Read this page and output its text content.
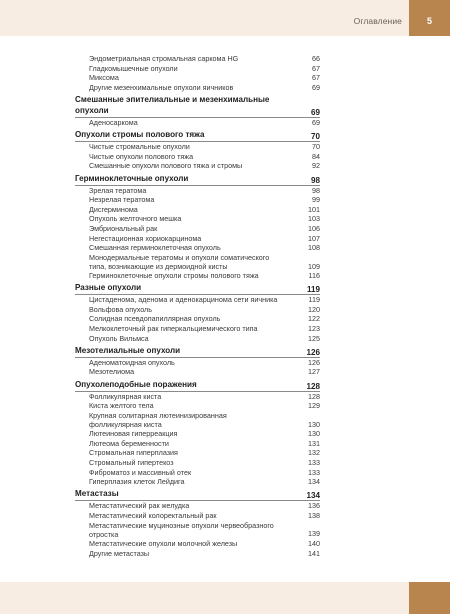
Оглавление	5
Эндометриальная стромальная саркома HG	66
Гладкомышечные опухоли	67
Миксома	67
Другие мезенхимальные опухоли яичников	69
Смешанные эпителиальные и мезенхимальные опухоли	69
Аденосаркома	69
Опухоли стромы полового тяжа	70
Чистые стромальные опухоли	70
Чистые опухоли полового тяжа	84
Смешанные опухоли полового тяжа и стромы	92
Герминоклеточные опухоли	98
Зрелая тератома	98
Незрелая тератома	99
Дисгерминома	101
Опухоль желточного мешка	103
Эмбриональный рак	106
Негестационная хориокарцинома	107
Смешанная герминоклеточная опухоль	108
Монодермальные тератомы и опухоли соматического типа, возникающие из дермоидной кисты	109
Герминоклеточные опухоли стромы полового тяжа	116
Разные опухоли	119
Цистаденома, аденома и аденокарцинома сети яичника	119
Вольфова опухоль	120
Солидная псевдопапиллярная опухоль	122
Мелкоклеточный рак гиперкальциемического типа	123
Опухоль Вильмса	125
Мезотелиальные опухоли	126
Аденоматоидная опухоль	126
Мезотелиома	127
Опухолеподобные поражения	128
Фолликулярная киста	128
Киста желтого тела	129
Крупная солитарная лютеинизированная фолликулярная киста	130
Лютеиновая гиперреакция	130
Лютеома беременности	131
Стромальная гиперплазия	132
Стромальный гипертекоз	133
Фиброматоз и массивный отек	133
Гиперплазия клеток Лейдига	134
Метастазы	134
Метастатический рак желудка	136
Метастатический колоректальный рак	138
Метастатические муцинозные опухоли червеобразного отростка	139
Метастатические опухоли молочной железы	140
Другие метастазы	141
